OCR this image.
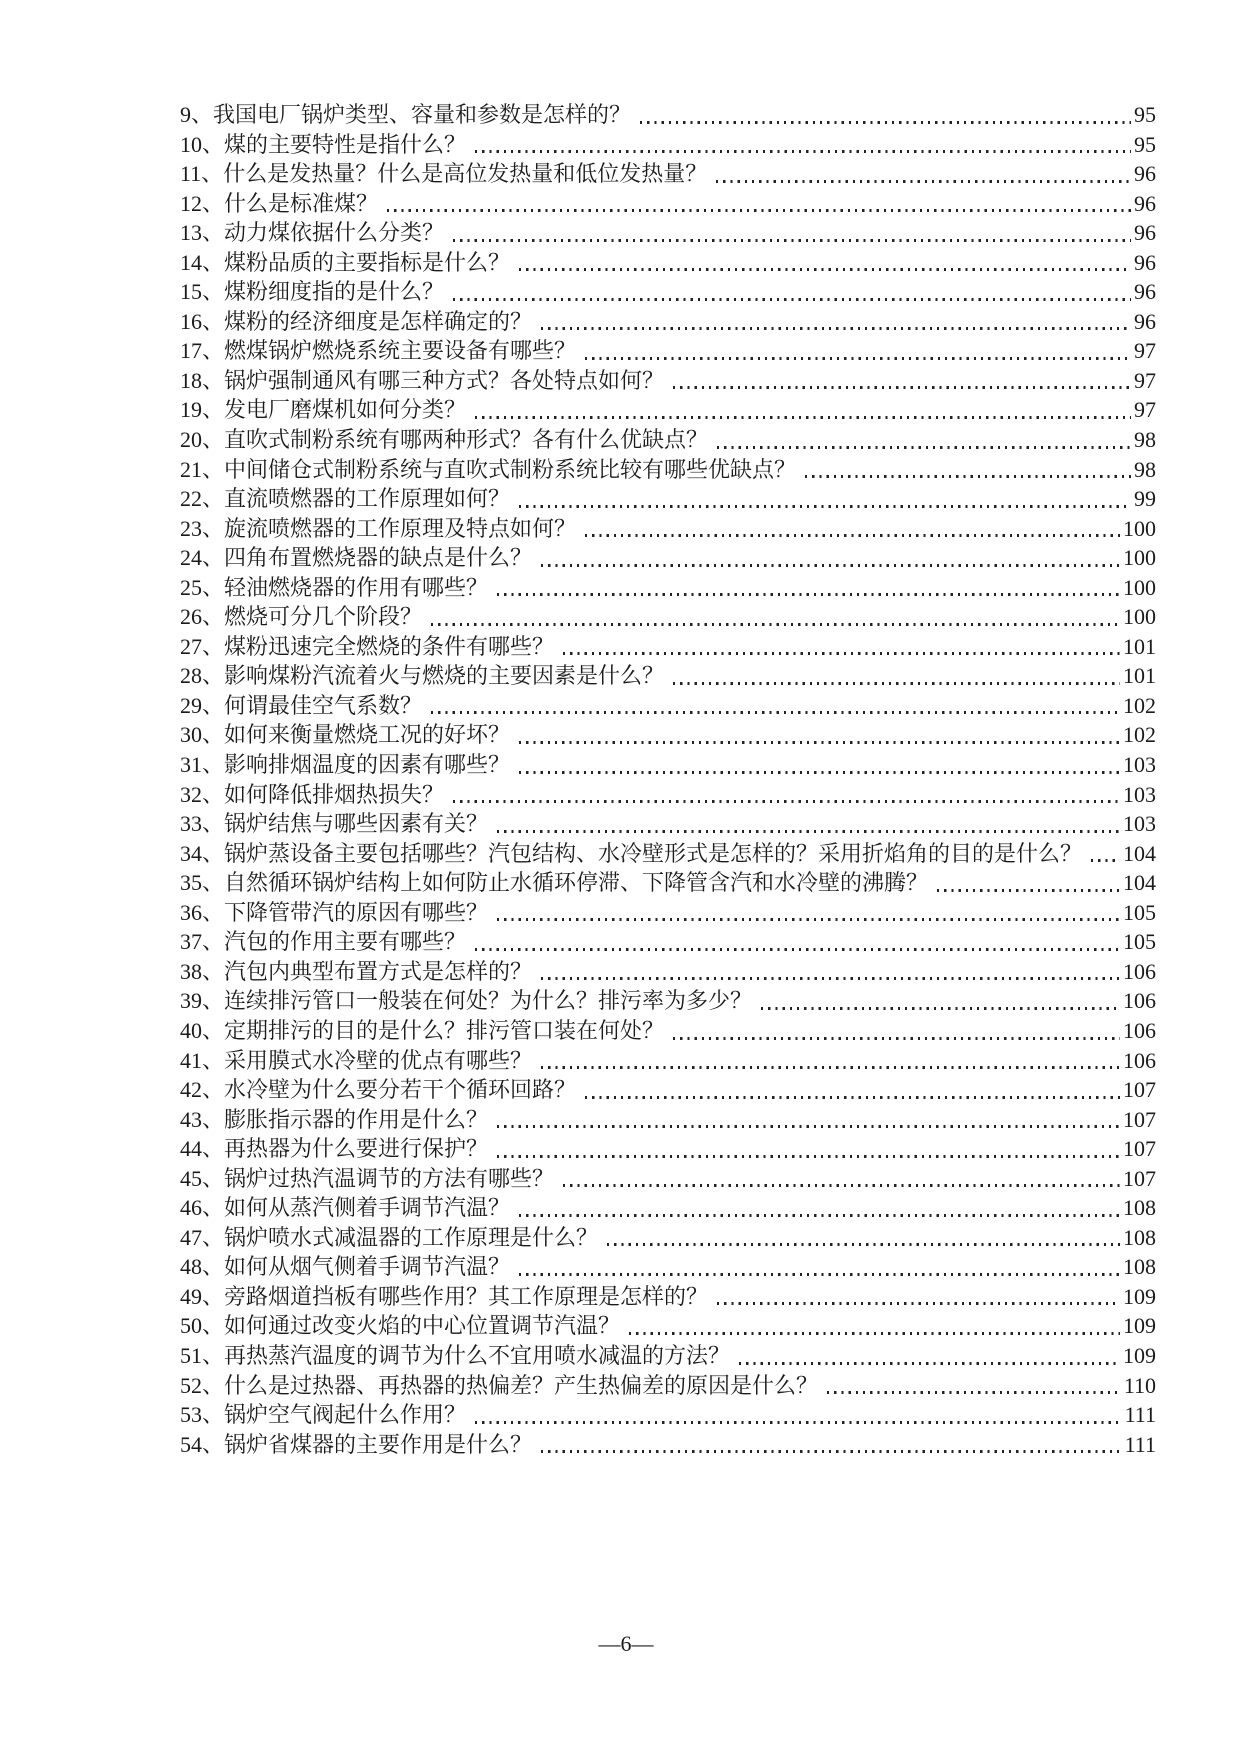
9、 我国电厂锅炉类型、容量和参数是怎样的？	95
10、 煤的主要特性是指什么？	95
11、 什么是发热量？什么是高位发热量和低位发热量？	96
12、 什么是标准煤？	96
13、 动力煤依据什么分类？	96
14、 煤粉品质的主要指标是什么？	96
15、 煤粉细度指的是什么？	96
16、 煤粉的经济细度是怎样确定的？	96
17、 燃煤锅炉燃烧系统主要设备有哪些？	97
18、 锅炉强制通风有哪三种方式？各处特点如何？	97
19、 发电厂磨煤机如何分类？	97
20、 直吹式制粉系统有哪两种形式？各有什么优缺点？	98
21、 中间储仓式制粉系统与直吹式制粉系统比较有哪些优缺点？	98
22、 直流喷燃器的工作原理如何？	99
23、 旋流喷燃器的工作原理及特点如何？	100
24、 四角布置燃烧器的缺点是什么？	100
25、 轻油燃烧器的作用有哪些？	100
26、 燃烧可分几个阶段？	100
27、 煤粉迅速完全燃烧的条件有哪些？	101
28、 影响煤粉汽流着火与燃烧的主要因素是什么？	101
29、 何谓最佳空气系数？	102
30、 如何来衡量燃烧工况的好坏？	102
31、 影响排烟温度的因素有哪些？	103
32、 如何降低排烟热损失？	103
33、 锅炉结焦与哪些因素有关？	103
34、 锅炉蒸设备主要包括哪些？汽包结构、水冷壁形式是怎样的？采用折焰角的目的是什么？ 104
35、 自然循环锅炉结构上如何防止水循环停滞、下降管含汽和水冷壁的沸腾？	104
36、 下降管带汽的原因有哪些？	105
37、 汽包的作用主要有哪些？	105
38、 汽包内典型布置方式是怎样的？	106
39、 连续排污管口一般装在何处？为什么？排污率为多少？	106
40、 定期排污的目的是什么？排污管口装在何处？	106
41、 采用膜式水冷壁的优点有哪些？	106
42、 水冷壁为什么要分若干个循环回路？	107
43、 膨胀指示器的作用是什么？	107
44、 再热器为什么要进行保护？	107
45、 锅炉过热汽温调节的方法有哪些？	107
46、 如何从蒸汽侧着手调节汽温？	108
47、 锅炉喷水式减温器的工作原理是什么？	108
48、 如何从烟气侧着手调节汽温？	108
49、 旁路烟道挡板有哪些作用？其工作原理是怎样的？	109
50、 如何通过改变火焰的中心位置调节汽温？	109
51、 再热蒸汽温度的调节为什么不宜用喷水减温的方法？	109
52、 什么是过热器、再热器的热偏差？产生热偏差的原因是什么？	110
53、 锅炉空气阀起什么作用？	111
54、 锅炉省煤器的主要作用是什么？	111
—6—
